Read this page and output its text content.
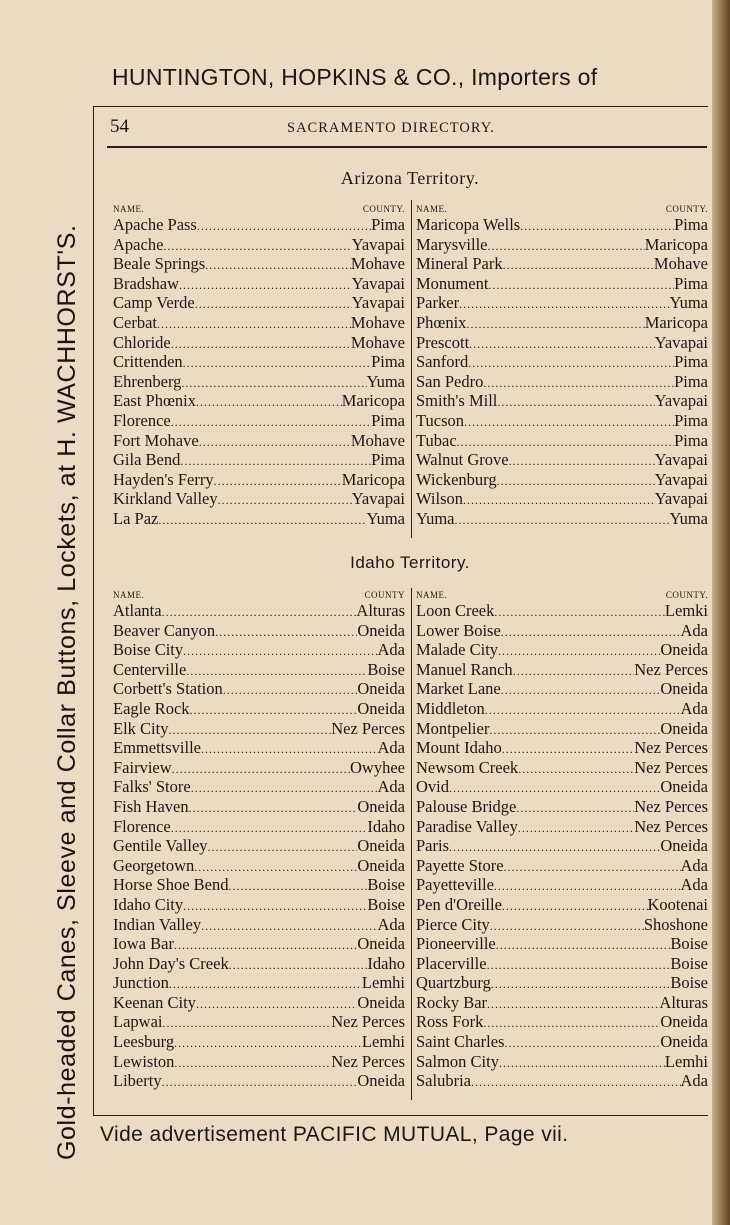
Gold-headed Canes, Sleeve and Collar Buttons, Lockets, at H. WACHHORST'S.
HUNTINGTON, HOPKINS & CO., Importers of
54	SACRAMENTO DIRECTORY.
Arizona Territory.
NAME.	COUNTY.
Apache Pass .....	Pima
Apache .....	Yavapai
Beale Springs .....	Mohave
Bradshaw .....	Yavapai
Camp Verde .....	Yavapai
Cerbat .....	Mohave
Chloride .....	Mohave
Crittenden .....	Pima
Ehrenberg .....	Yuma
East Phœnix .....	Maricopa
Florence .....	Pima
Fort Mohave .....	Mohave
Gila Bend .....	Pima
Hayden's Ferry .....	Maricopa
Kirkland Valley .....	Yavapai
La Paz .....	Yuma
NAME.	COUNTY.
Maricopa Wells .....	Pima
Marysville .....	Maricopa
Mineral Park .....	Mohave
Monument .....	Pima
Parker .....	Yuma
Phœnix .....	Maricopa
Prescott .....	Yavapai
Sanford .....	Pima
San Pedro .....	Pima
Smith's Mill .....	Yavapai
Tucson .....	Pima
Tubac .....	Pima
Walnut Grove .....	Yavapai
Wickenburg .....	Yavapai
Wilson .....	Yavapai
Yuma .....	Yuma
Idaho Territory.
NAME.	COUNTY
Atlanta .....	Alturas
Beaver Canyon .....	Oneida
Boise City .....	Ada
Centerville .....	Boise
Corbett's Station .....	Oneida
Eagle Rock .....	Oneida
Elk City .....	Nez Perces
Emmettsville .....	Ada
Fairview .....	Owyhee
Falks' Store .....	Ada
Fish Haven .....	Oneida
Florence .....	Idaho
Gentile Valley .....	Oneida
Georgetown .....	Oneida
Horse Shoe Bend .....	Boise
Idaho City .....	Boise
Indian Valley .....	Ada
Iowa Bar .....	Oneida
John Day's Creek .....	Idaho
Junction .....	Lemhi
Keenan City .....	Oneida
Lapwai .....	Nez Perces
Leesburg .....	Lemhi
Lewiston .....	Nez Perces
Liberty .....	Oneida
NAME.	COUNTY.
Loon Creek .....	Lemki
Lower Boise .....	Ada
Malade City .....	Oneida
Manuel Ranch .....	Nez Perces
Market Lane .....	Oneida
Middleton .....	Ada
Montpelier .....	Oneida
Mount Idaho .....	Nez Perces
Newsom Creek .....	Nez Perces
Ovid .....	Oneida
Palouse Bridge .....	Nez Perces
Paradise Valley .....	Nez Perces
Paris .....	Oneida
Payette Store .....	Ada
Payetteville .....	Ada
Pen d'Oreille .....	Kootenai
Pierce City .....	Shoshone
Pioneerville .....	Boise
Placerville .....	Boise
Quartzburg .....	Boise
Rocky Bar .....	Alturas
Ross Fork .....	Oneida
Saint Charles .....	Oneida
Salmon City .....	Lemhi
Salubria .....	Ada
Vide advertisement PACIFIC MUTUAL, Page vii.
